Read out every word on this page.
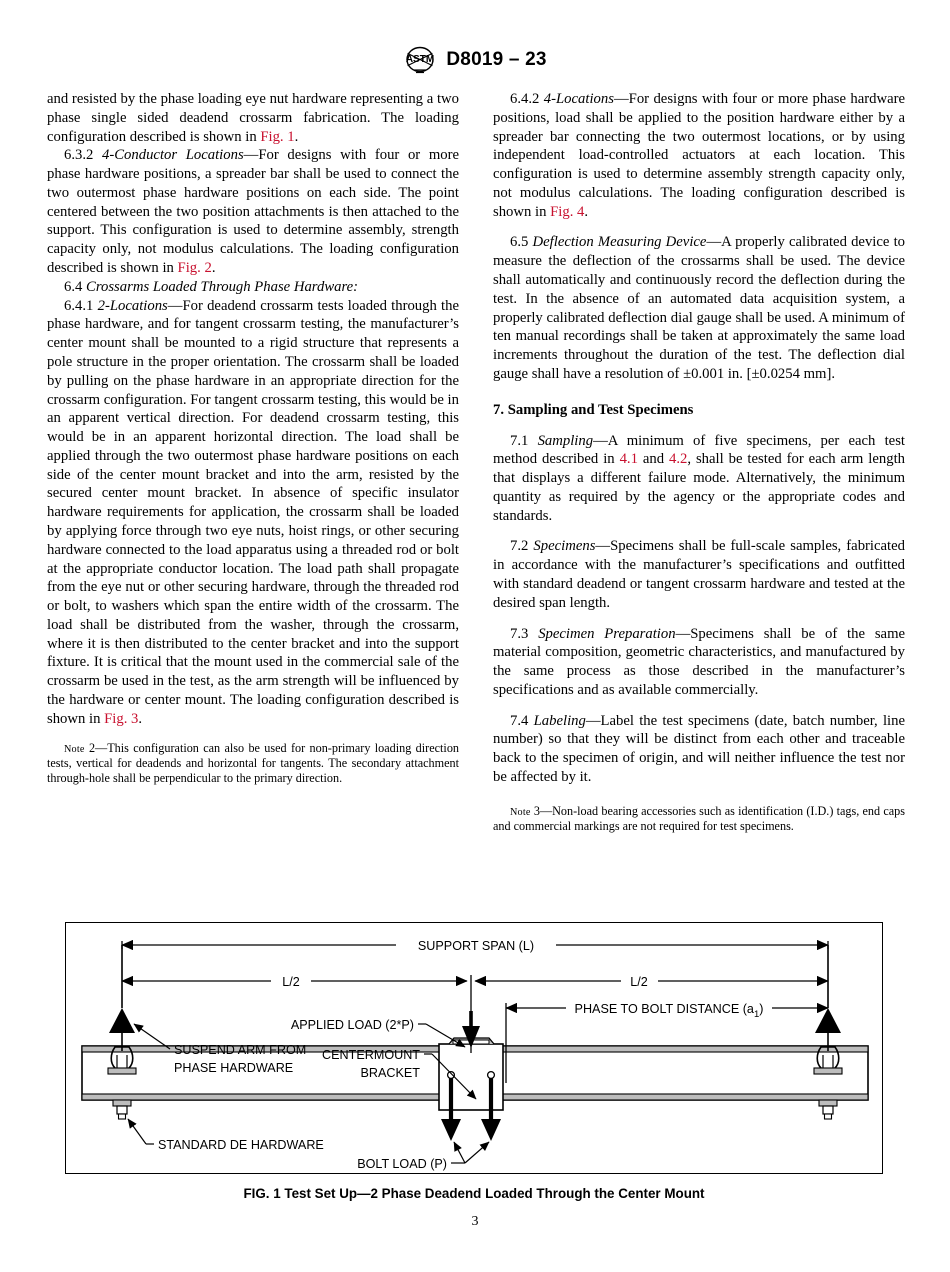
ASTM D8019 – 23

and resisted by the phase loading eye nut hardware representing a two phase single sided deadend crossarm fabrication. The loading configuration described is shown in Fig. 1.

6.3.2 4-Conductor Locations—For designs with four or more phase hardware positions, a spreader bar shall be used to connect the two outermost phase hardware positions on each side. The point centered between the two position attachments is then attached to the support. This configuration is used to determine assembly, strength capacity only, not modulus calculations. The loading configuration described is shown in Fig. 2.

6.4 Crossarms Loaded Through Phase Hardware:

6.4.1 2-Locations—For deadend crossarm tests loaded through the phase hardware, and for tangent crossarm testing, the manufacturer’s center mount shall be mounted to a rigid structure that represents a pole structure in the proper orientation. The crossarm shall be loaded by pulling on the phase hardware in an appropriate direction for the crossarm configuration. For tangent crossarm testing, this would be in an apparent vertical direction. For deadend crossarm testing, this would be in an apparent horizontal direction. The load shall be applied through the two outermost phase hardware positions on each side of the center mount bracket and into the arm, resisted by the secured center mount bracket. In absence of specific insulator hardware requirements for application, the crossarm shall be loaded by applying force through two eye nuts, hoist rings, or other securing hardware connected to the load apparatus using a threaded rod or bolt at the appropriate conductor location. The load path shall propagate from the eye nut or other securing hardware, through the threaded rod or bolt, to washers which span the entire width of the crossarm. The load shall be distributed from the washer, through the crossarm, where it is then distributed to the center bracket and into the support fixture. It is critical that the mount used in the commercial sale of the crossarm be used in the test, as the arm strength will be influenced by the hardware or center mount. The loading configuration described is shown in Fig. 3.

Note 2—This configuration can also be used for non-primary loading direction tests, vertical for deadends and horizontal for tangents. The secondary attachment through-hole shall be perpendicular to the primary direction.

6.4.2 4-Locations—For designs with four or more phase hardware positions, load shall be applied to the position hardware either by a spreader bar connecting the two outermost locations, or by using independent load-controlled actuators at each location. This configuration is used to determine assembly strength capacity only, not modulus calculations. The loading configuration described is shown in Fig. 4.

6.5 Deflection Measuring Device—A properly calibrated device to measure the deflection of the crossarms shall be used. The device shall automatically and continuously record the deflection during the test. In the absence of an automated data acquisition system, a properly calibrated deflection dial gauge shall be used. A minimum of ten manual recordings shall be taken at approximately the same load increments throughout the duration of the test. The deflection dial gauge shall have a resolution of ±0.001 in. [±0.0254 mm].

7. Sampling and Test Specimens

7.1 Sampling—A minimum of five specimens, per each test method described in 4.1 and 4.2, shall be tested for each arm length that displays a different failure mode. Alternatively, the minimum quantity as required by the agency or the appropriate codes and standards.

7.2 Specimens—Specimens shall be full-scale samples, fabricated in accordance with the manufacturer’s specifications and outfitted with standard deadend or tangent crossarm hardware and tested at the desired span length.

7.3 Specimen Preparation—Specimens shall be of the same material composition, geometric characteristics, and manufactured by the same process as those described in the manufacturer’s specifications and as available commercially.

7.4 Labeling—Label the test specimens (date, batch number, line number) so that they will be distinct from each other and traceable back to the specimen of origin, and will neither influence the test nor be affected by it.

Note 3—Non-load bearing accessories such as identification (I.D.) tags, end caps and commercial markings are not required for test specimens.

SUPPORT SPAN (L)
L/2	L/2
PHASE TO BOLT DISTANCE $(a_1)$
SUSPEND ARM FROM
PHASE HARDWARE
STANDARD DE HARDWARE
APPLIED LOAD (2*P)
CENTERMOUNT
BRACKET
BOLT LOAD (P)
FIG. 1 Test Set Up—2 Phase Deadend Loaded Through the Center Mount
3
